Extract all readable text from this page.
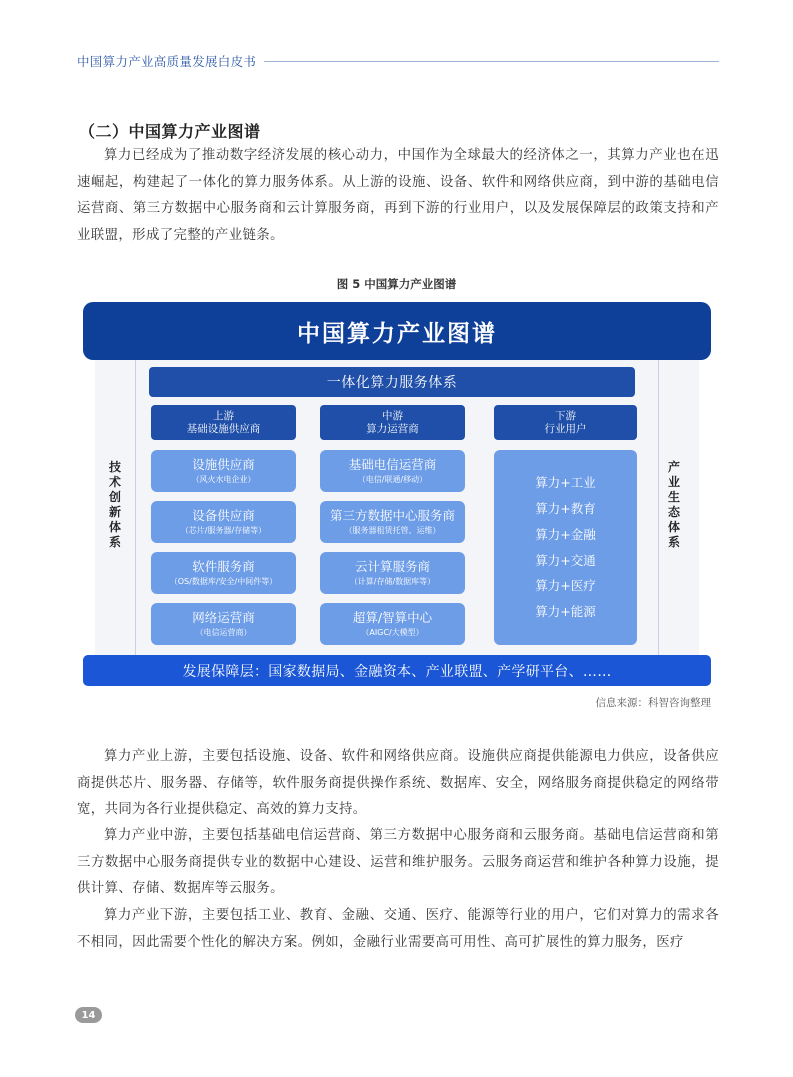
中国算力产业高质量发展白皮书
（二）中国算力产业图谱

算力已经成为了推动数字经济发展的核心动力，中国作为全球最大的经济体之一，其算力产业也在迅速崛起，构建起了一体化的算力服务体系。从上游的设施、设备、软件和网络供应商，到中游的基础电信运营商、第三方数据中心服务商和云计算服务商，再到下游的行业用户，以及发展保障层的政策支持和产业联盟，形成了完整的产业链条。

图 5 中国算力产业图谱
中国算力产业图谱
技术创新体系
产业生态体系
一体化算力服务体系
上游
基础设施供应商
中游
算力运营商
下游
行业用户
设施供应商
（风火水电企业）
设备供应商
（芯片/服务器/存储等）
软件服务商
（OS/数据库/安全/中间件等）
网络运营商
（电信运营商）
基础电信运营商
（电信/联通/移动）
第三方数据中心服务商
（服务器租赁托管、运维）
云计算服务商
（计算/存储/数据库等）
超算/智算中心
（AIGC/大模型）
算力+工业
算力+教育
算力+金融
算力+交通
算力+医疗
算力+能源
发展保障层：国家数据局、金融资本、产业联盟、产学研平台、……
信息来源：科智咨询整理

算力产业上游，主要包括设施、设备、软件和网络供应商。设施供应商提供能源电力供应，设备供应商提供芯片、服务器、存储等，软件服务商提供操作系统、数据库、安全，网络服务商提供稳定的网络带宽，共同为各行业提供稳定、高效的算力支持。

算力产业中游，主要包括基础电信运营商、第三方数据中心服务商和云服务商。基础电信运营商和第三方数据中心服务商提供专业的数据中心建设、运营和维护服务。云服务商运营和维护各种算力设施，提供计算、存储、数据库等云服务。

算力产业下游，主要包括工业、教育、金融、交通、医疗、能源等行业的用户，它们对算力的需求各不相同，因此需要个性化的解决方案。例如，金融行业需要高可用性、高可扩展性的算力服务，医疗

14
